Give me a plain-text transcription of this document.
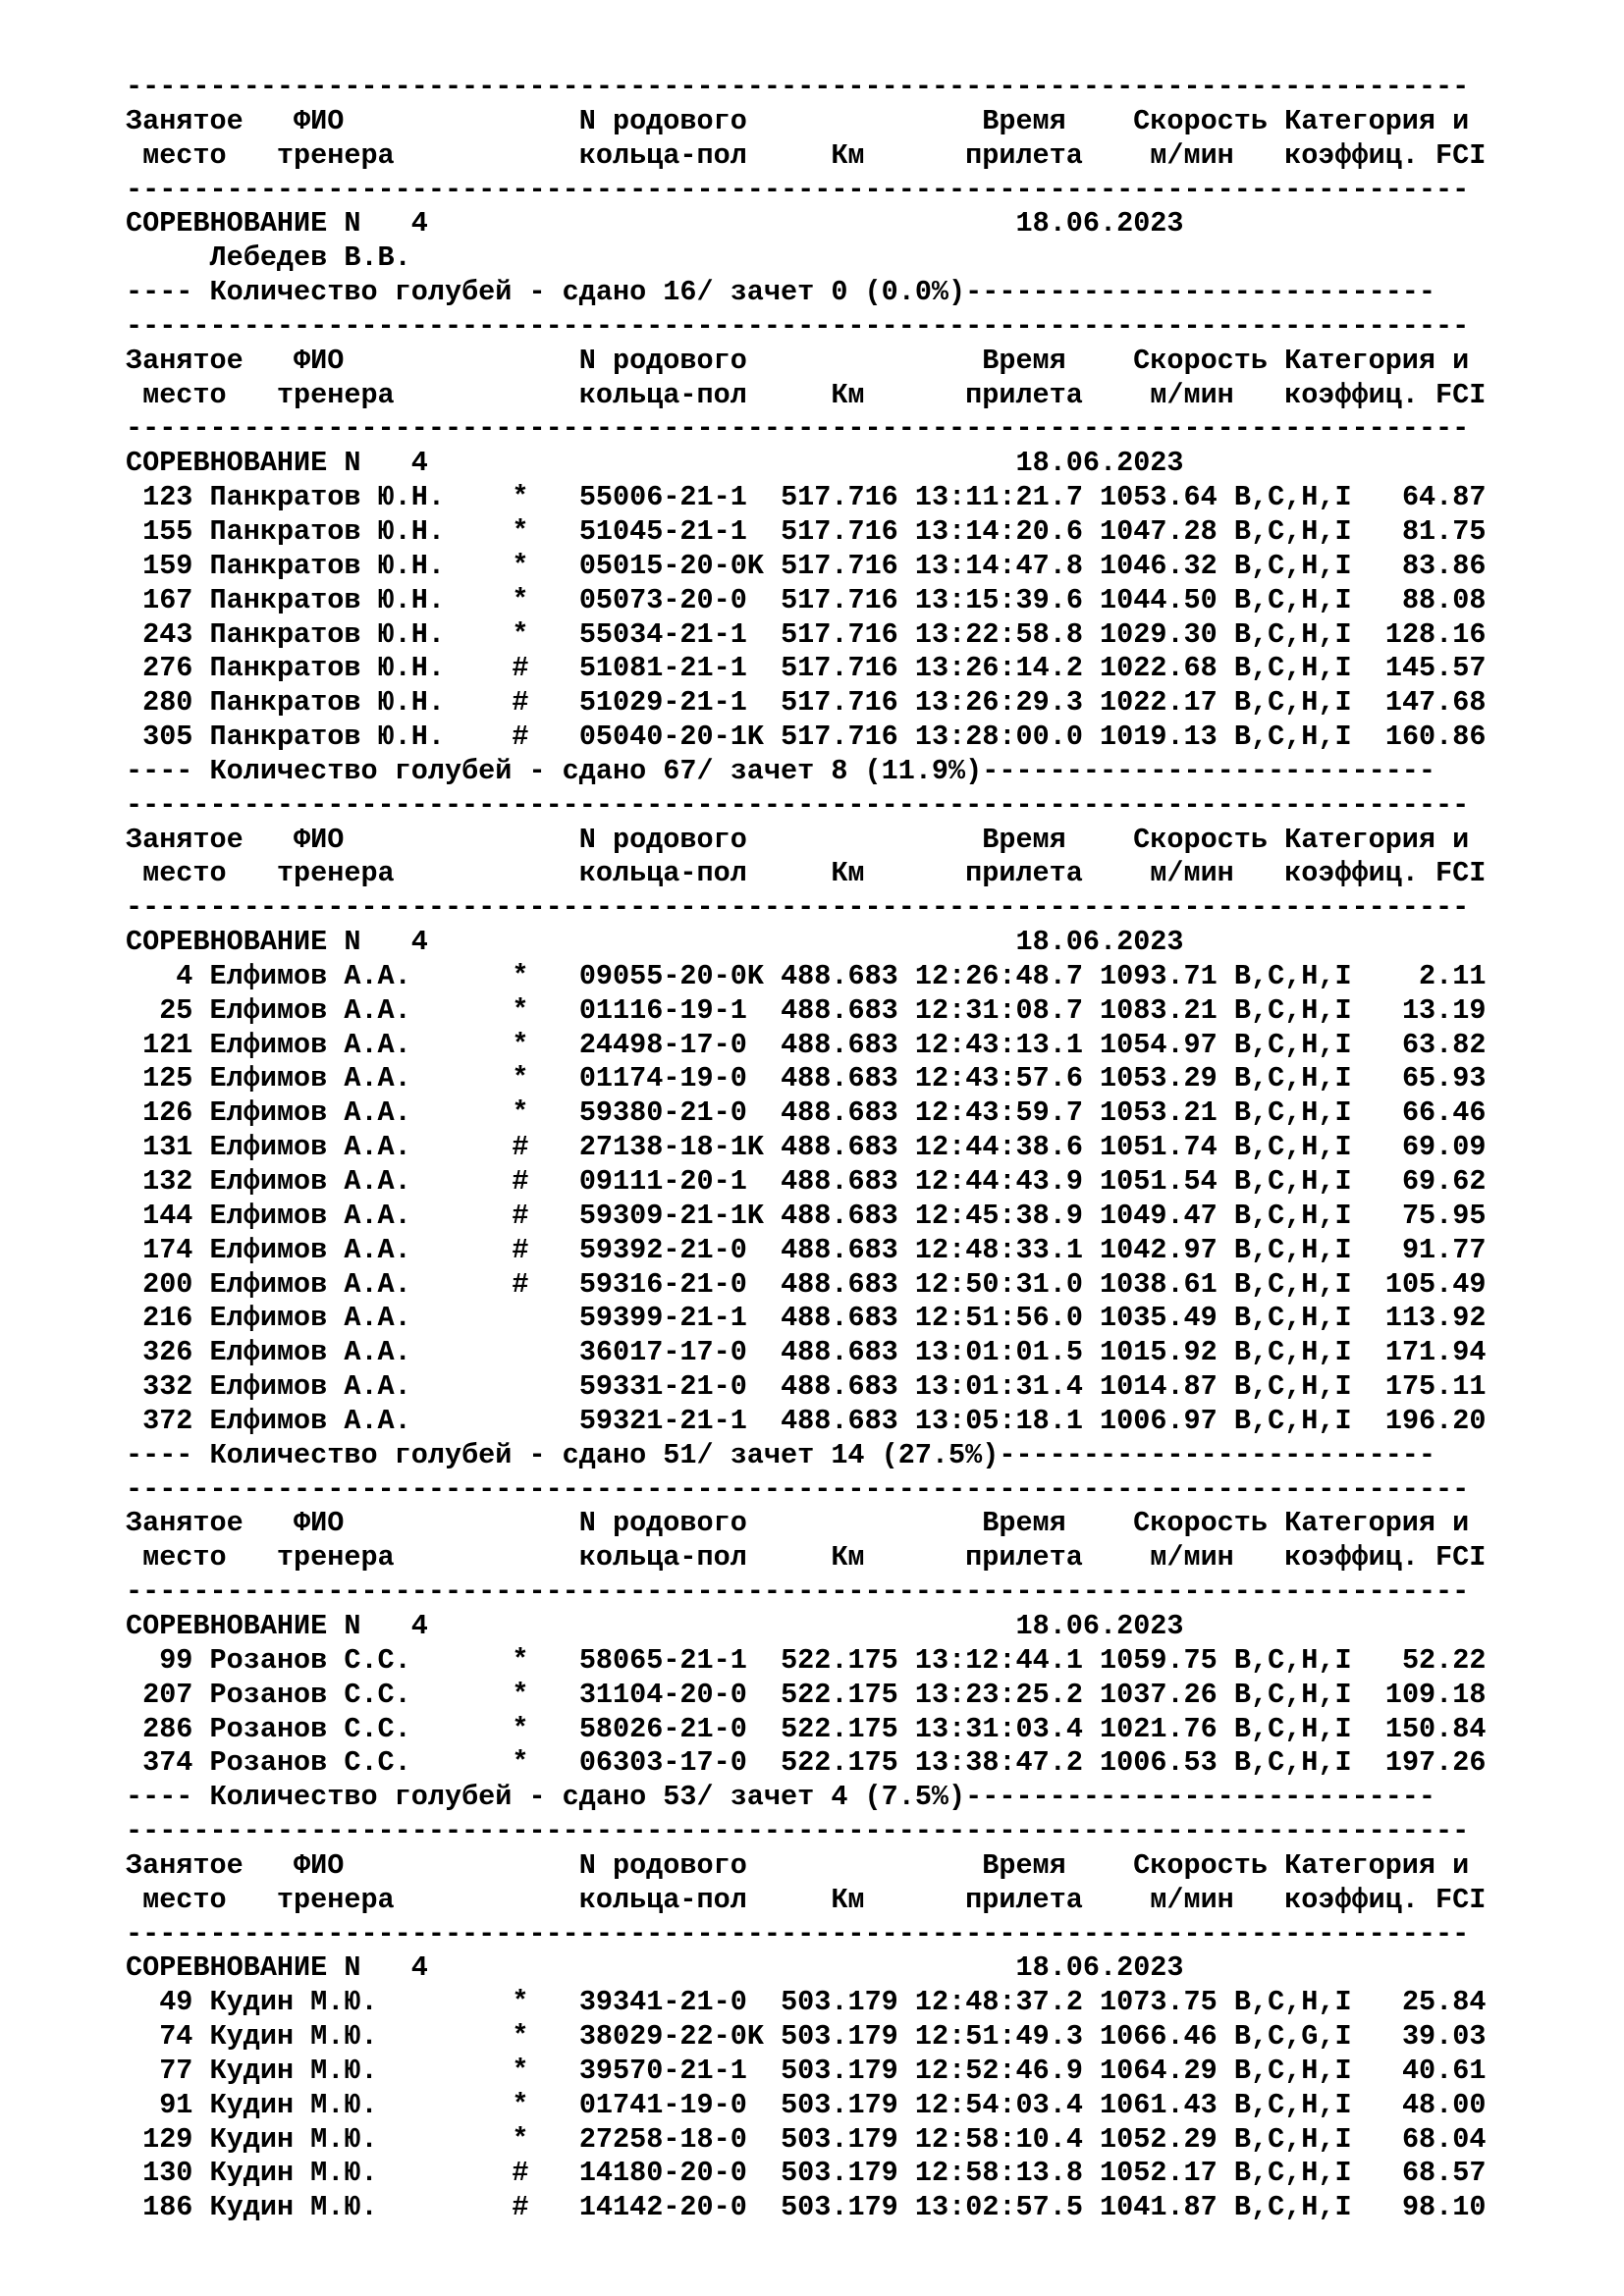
--------------------------------------------------------------------------------
Занятое   ФИО              N родового              Время    Скорость Категория и
место   тренера           кольца-пол     Км      прилета    м/мин   коэффиц. FCI
--------------------------------------------------------------------------------
СОРЕВНОВАНИЕ N 4	18.06.2023
Лебедев В.В.
---- Количество голубей - сдано 16/ зачет 0 (0.0%)----------------------------
--------------------------------------------------------------------------------
Занятое   ФИО              N родового              Время    Скорость Категория и
место   тренера           кольца-пол     Км      прилета    м/мин   коэффиц. FCI
--------------------------------------------------------------------------------
СОРЕВНОВАНИЕ N 4	18.06.2023
123 Панкратов Ю.Н.    * 55006-21-1  517.716 13:11:21.7 1053.64 B,C,H,I   64.87
155 Панкратов Ю.Н.    * 51045-21-1  517.716 13:14:20.6 1047.28 B,C,H,I   81.75
159 Панкратов Ю.Н.    * 05015-20-0K 517.716 13:14:47.8 1046.32 B,C,H,I   83.86
167 Панкратов Ю.Н.    * 05073-20-0  517.716 13:15:39.6 1044.50 B,C,H,I   88.08
243 Панкратов Ю.Н.    * 55034-21-1  517.716 13:22:58.8 1029.30 B,C,H,I  128.16
276 Панкратов Ю.Н.    # 51081-21-1  517.716 13:26:14.2 1022.68 B,C,H,I  145.57
280 Панкратов Ю.Н.    # 51029-21-1  517.716 13:26:29.3 1022.17 B,C,H,I  147.68
305 Панкратов Ю.Н.    # 05040-20-1K 517.716 13:28:00.0 1019.13 B,C,H,I  160.86
---- Количество голубей - сдано 67/ зачет 8 (11.9%)---------------------------
--------------------------------------------------------------------------------
Занятое   ФИО              N родового              Время    Скорость Категория и
место   тренера           кольца-пол     Км      прилета    м/мин   коэффиц. FCI
--------------------------------------------------------------------------------
СОРЕВНОВАНИЕ N 4	18.06.2023
4 Елфимов А.А.      * 09055-20-0K 488.683 12:26:48.7 1093.71 B,C,H,I    2.11
25 Елфимов А.А.      * 01116-19-1  488.683 12:31:08.7 1083.21 B,C,H,I   13.19
121 Елфимов А.А.      * 24498-17-0  488.683 12:43:13.1 1054.97 B,C,H,I   63.82
125 Елфимов А.А.      * 01174-19-0  488.683 12:43:57.6 1053.29 B,C,H,I   65.93
126 Елфимов А.А.      * 59380-21-0  488.683 12:43:59.7 1053.21 B,C,H,I   66.46
131 Елфимов А.А.      # 27138-18-1K 488.683 12:44:38.6 1051.74 B,C,H,I   69.09
132 Елфимов А.А.      # 09111-20-1  488.683 12:44:43.9 1051.54 B,C,H,I   69.62
144 Елфимов А.А.      # 59309-21-1K 488.683 12:45:38.9 1049.47 B,C,H,I   75.95
174 Елфимов А.А.      # 59392-21-0  488.683 12:48:33.1 1042.97 B,C,H,I   91.77
200 Елфимов А.А.      # 59316-21-0  488.683 12:50:31.0 1038.61 B,C,H,I  105.49
216 Елфимов А.А.	59399-21-1  488.683 12:51:56.0 1035.49 B,C,H,I  113.92
326 Елфимов А.А.	36017-17-0  488.683 13:01:01.5 1015.92 B,C,H,I  171.94
332 Елфимов А.А.	59331-21-0  488.683 13:01:31.4 1014.87 B,C,H,I  175.11
372 Елфимов А.А.	59321-21-1  488.683 13:05:18.1 1006.97 B,C,H,I  196.20
---- Количество голубей - сдано 51/ зачет 14 (27.5%)--------------------------
--------------------------------------------------------------------------------
Занятое   ФИО              N родового              Время    Скорость Категория и
место   тренера           кольца-пол     Км      прилета    м/мин   коэффиц. FCI
--------------------------------------------------------------------------------
СОРЕВНОВАНИЕ N 4	18.06.2023
99 Розанов С.С.      * 58065-21-1  522.175 13:12:44.1 1059.75 B,C,H,I   52.22
207 Розанов С.С.      * 31104-20-0  522.175 13:23:25.2 1037.26 B,C,H,I  109.18
286 Розанов С.С.      * 58026-21-0  522.175 13:31:03.4 1021.76 B,C,H,I  150.84
374 Розанов С.С.      * 06303-17-0  522.175 13:38:47.2 1006.53 B,C,H,I  197.26
---- Количество голубей - сдано 53/ зачет 4 (7.5%)----------------------------
--------------------------------------------------------------------------------
Занятое   ФИО              N родового              Время    Скорость Категория и
место   тренера           кольца-пол     Км      прилета    м/мин   коэффиц. FCI
--------------------------------------------------------------------------------
СОРЕВНОВАНИЕ N 4	18.06.2023
49 Кудин М.Ю.        * 39341-21-0  503.179 12:48:37.2 1073.75 B,C,H,I   25.84
74 Кудин М.Ю.        * 38029-22-0K 503.179 12:51:49.3 1066.46 B,C,G,I   39.03
77 Кудин М.Ю.        * 39570-21-1  503.179 12:52:46.9 1064.29 B,C,H,I   40.61
91 Кудин М.Ю.        * 01741-19-0  503.179 12:54:03.4 1061.43 B,C,H,I   48.00
129 Кудин М.Ю.        * 27258-18-0  503.179 12:58:10.4 1052.29 B,C,H,I   68.04
130 Кудин М.Ю.        # 14180-20-0  503.179 12:58:13.8 1052.17 B,C,H,I   68.57
186 Кудин М.Ю.        # 14142-20-0  503.179 13:02:57.5 1041.87 B,C,H,I   98.10
